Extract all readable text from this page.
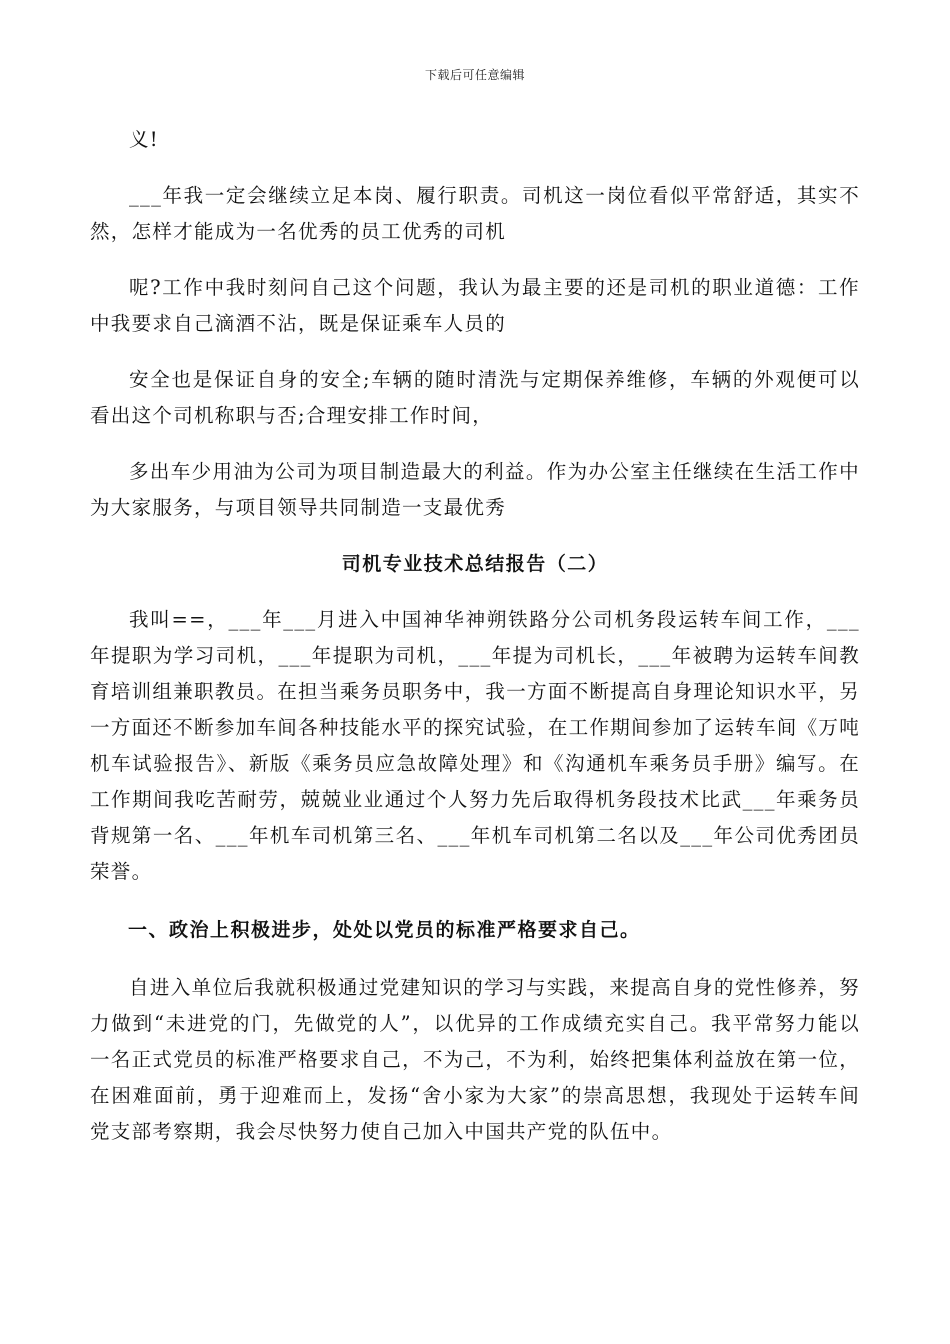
下载后可任意编辑

义!

___年我一定会继续立足本岗、履行职责。司机这一岗位看似平常舒适，其实不然，怎样才能成为一名优秀的员工优秀的司机

呢?工作中我时刻问自己这个问题，我认为最主要的还是司机的职业道德：工作中我要求自己滴酒不沾，既是保证乘车人员的

安全也是保证自身的安全;车辆的随时清洗与定期保养维修，车辆的外观便可以看出这个司机称职与否;合理安排工作时间，

多出车少用油为公司为项目制造最大的利益。作为办公室主任继续在生活工作中为大家服务，与项目领导共同制造一支最优秀

司机专业技术总结报告（二）

我叫==，___年___月进入中国神华神朔铁路分公司机务段运转车间工作，___年提职为学习司机，___年提职为司机，___年提为司机长，___年被聘为运转车间教育培训组兼职教员。在担当乘务员职务中，我一方面不断提高自身理论知识水平，另一方面还不断参加车间各种技能水平的探究试验，在工作期间参加了运转车间《万吨机车试验报告》、新版《乘务员应急故障处理》和《沟通机车乘务员手册》编写。在工作期间我吃苦耐劳，兢兢业业通过个人努力先后取得机务段技术比武___年乘务员背规第一名、___年机车司机第三名、___年机车司机第二名以及___年公司优秀团员荣誉。

一、政治上积极进步，处处以党员的标准严格要求自己。

自进入单位后我就积极通过党建知识的学习与实践，来提高自身的党性修养，努力做到“未进党的门，先做党的人”，以优异的工作成绩充实自己。我平常努力能以一名正式党员的标准严格要求自己，不为己，不为利，始终把集体利益放在第一位，在困难面前，勇于迎难而上，发扬“舍小家为大家”的崇高思想，我现处于运转车间党支部考察期，我会尽快努力使自己加入中国共产党的队伍中。
